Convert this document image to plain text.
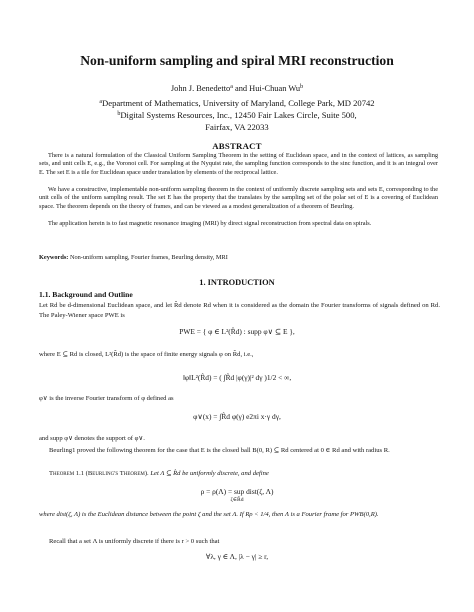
Non-uniform sampling and spiral MRI reconstruction
John J. Benedetto$^a$ and Hui-Chuan Wu$^b$
$^a$Department of Mathematics, University of Maryland, College Park, MD 20742
$^b$Digital Systems Resources, Inc., 12450 Fair Lakes Circle, Suite 500,
Fairfax, VA 22033
ABSTRACT
There is a natural formulation of the Classical Uniform Sampling Theorem in the setting of Euclidean space, and in the context of lattices, as sampling sets, and unit cells E, e.g., the Voronoi cell. For sampling at the Nyquist rate, the sampling function corresponds to the sinc function, and it is an integral over E. The set E is a tile for Euclidean space under translation by elements of the reciprocal lattice.
We have a constructive, implementable non-uniform sampling theorem in the context of uniformly discrete sampling sets and sets E, corresponding to the unit cells of the uniform sampling result. The set E has the property that the translates by the sampling set of the polar set of E is a covering of Euclidean space. The theorem depends on the theory of frames, and can be viewed as a modest generalization of a theorem of Beurling.
The application herein is to fast magnetic resonance imaging (MRI) by direct signal reconstruction from spectral data on spirals.
Keywords: Non-uniform sampling, Fourier frames, Beurling density, MRI
1. INTRODUCTION
1.1. Background and Outline
Let Rd be d-dimensional Euclidean space, and let R̂d denote Rd when it is considered as the domain the Fourier transforms of signals defined on Rd. The Paley-Wiener space PWE is
PWE = { φ ∈ L²(R̂d) : supp φ∨ ⊆ E },
where E ⊆ Rd is closed, L²(R̂d) is the space of finite energy signals φ on R̂d, i.e.,
‖φ‖L²(R̂d) = ( ∫R̂d |φ(γ)|² dγ )1/2 < ∞,
φ∨ is the inverse Fourier transform of φ defined as
φ∨(x) = ∫R̂d φ(γ) e2πi x·γ dγ,
and supp φ∨ denotes the support of φ∨.
Beurling1 proved the following theorem for the case that E is the closed ball B(0, R) ⊆ Rd centered at 0 ∈ Rd and with radius R.
Theorem 1.1 (Beurling's Theorem). Let Λ ⊆ R̂d be uniformly discrete, and define
ρ = ρ(Λ) = sup dist(ζ, Λ)
ζ∈R̂d
where dist(ζ, Λ) is the Euclidean distance between the point ζ and the set Λ. If Rρ < 1/4, then Λ is a Fourier frame for PWB(0,R).
Recall that a set Λ is uniformly discrete if there is r > 0 such that
∀λ, γ ∈ Λ, |λ − γ| ≥ r,
